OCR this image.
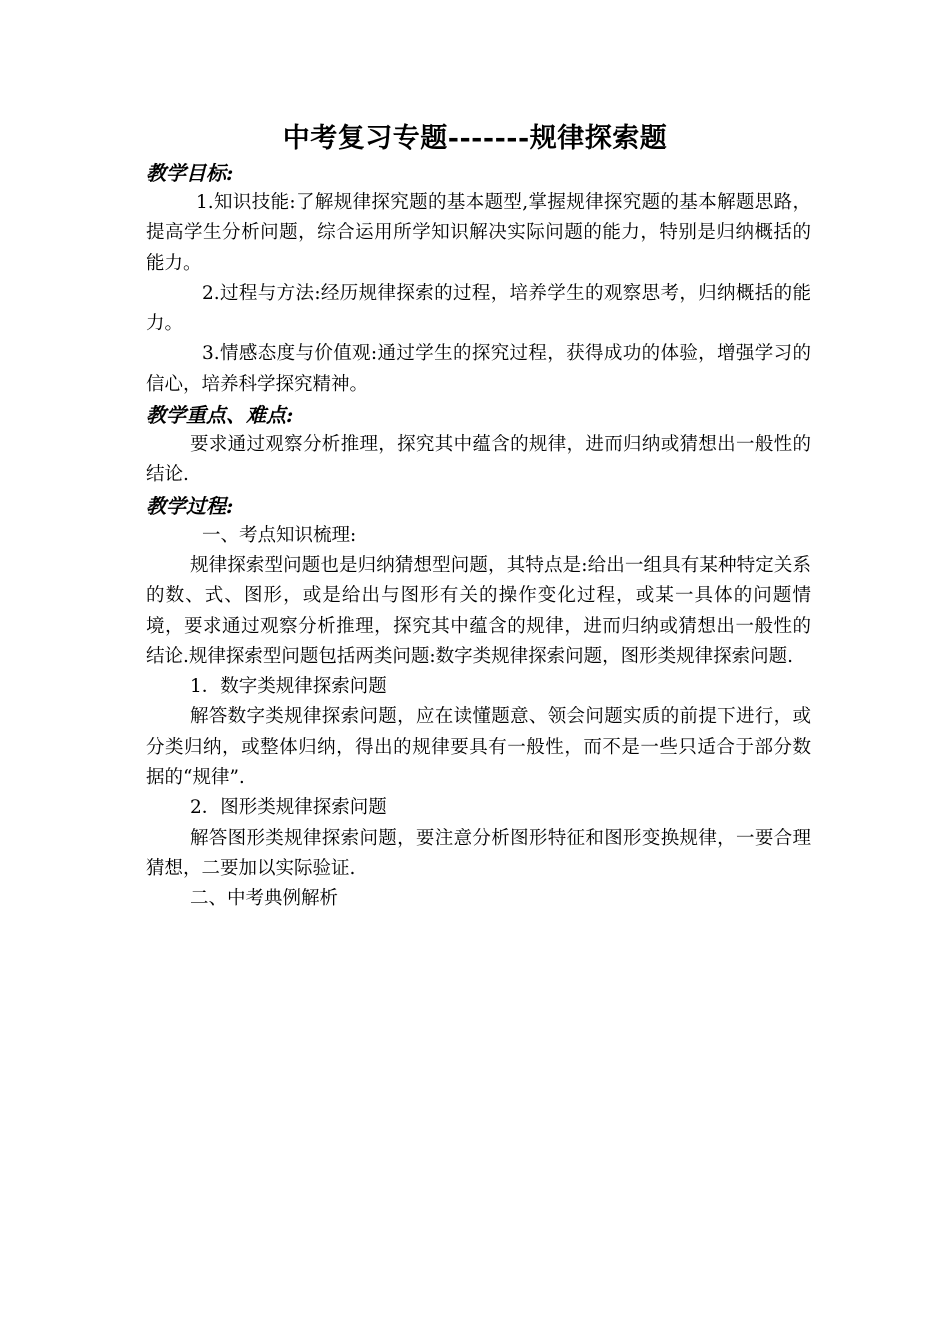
中考复习专题-------规律探索题

教学目标:

1.知识技能:了解规律探究题的基本题型,掌握规律探究题的基本解题思路，提高学生分析问题，综合运用所学知识解决实际问题的能力，特别是归纳概括的能力。

2.过程与方法:经历规律探索的过程，培养学生的观察思考，归纳概括的能力。

3.情感态度与价值观:通过学生的探究过程，获得成功的体验，增强学习的信心，培养科学探究精神。

教学重点、难点:

要求通过观察分析推理，探究其中蕴含的规律，进而归纳或猜想出一般性的结论.

教学过程:

一、考点知识梳理:

规律探索型问题也是归纳猜想型问题，其特点是:给出一组具有某种特定关系的数、式、图形，或是给出与图形有关的操作变化过程，或某一具体的问题情境，要求通过观察分析推理，探究其中蕴含的规律，进而归纳或猜想出一般性的结论.规律探索型问题包括两类问题:数字类规律探索问题，图形类规律探索问题.

1．数字类规律探索问题

解答数字类规律探索问题，应在读懂题意、领会问题实质的前提下进行，或分类归纳，或整体归纳，得出的规律要具有一般性，而不是一些只适合于部分数据的“规律”.

2．图形类规律探索问题

解答图形类规律探索问题，要注意分析图形特征和图形变换规律，一要合理猜想，二要加以实际验证.

二、中考典例解析
